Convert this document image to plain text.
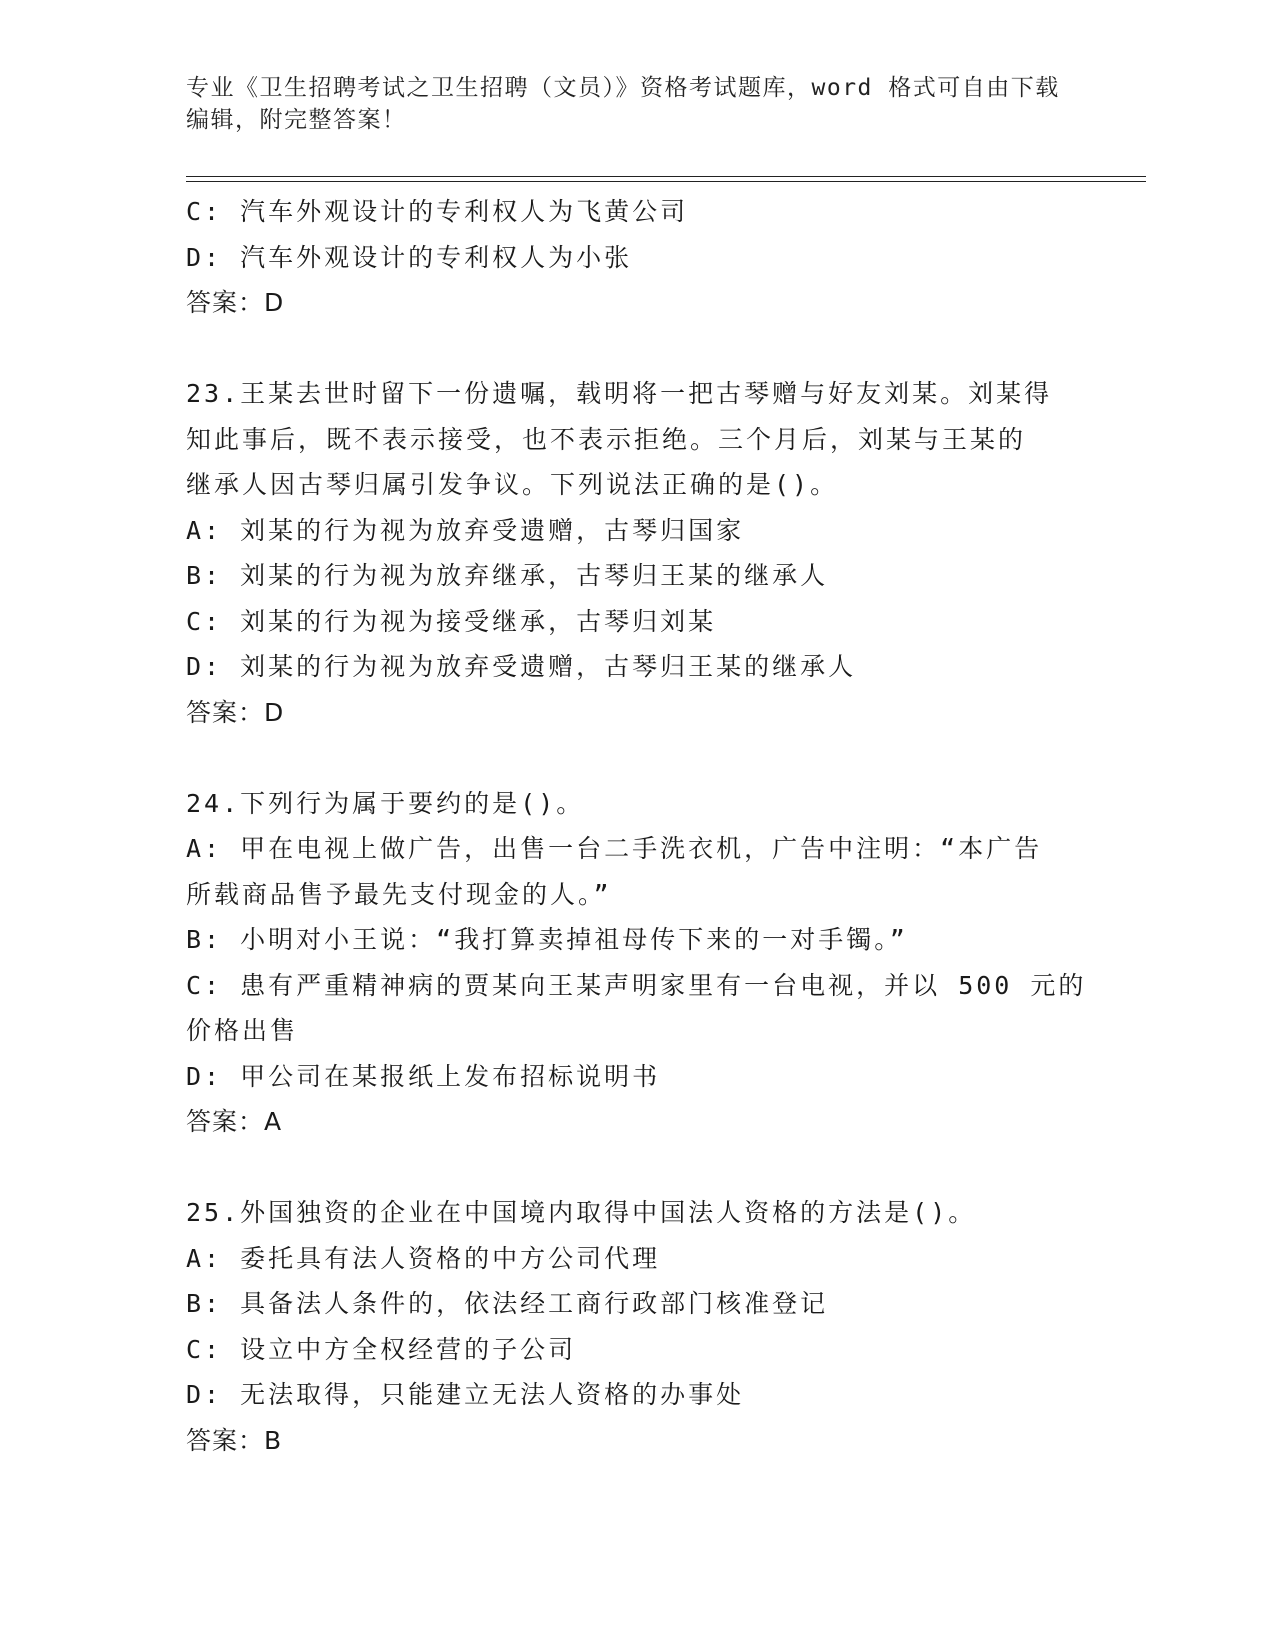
专业《卫生招聘考试之卫生招聘（文员）》资格考试题库，word 格式可自由下载
编辑，附完整答案！
C: 汽车外观设计的专利权人为飞黄公司
D: 汽车外观设计的专利权人为小张
答案：D
23.王某去世时留下一份遗嘱，载明将一把古琴赠与好友刘某。刘某得
知此事后，既不表示接受，也不表示拒绝。三个月后，刘某与王某的
继承人因古琴归属引发争议。下列说法正确的是()。
A: 刘某的行为视为放弃受遗赠，古琴归国家
B: 刘某的行为视为放弃继承，古琴归王某的继承人
C: 刘某的行为视为接受继承，古琴归刘某
D: 刘某的行为视为放弃受遗赠，古琴归王某的继承人
答案：D
24.下列行为属于要约的是()。
A: 甲在电视上做广告，出售一台二手洗衣机，广告中注明：“本广告
所载商品售予最先支付现金的人。”
B: 小明对小王说：“我打算卖掉祖母传下来的一对手镯。”
C: 患有严重精神病的贾某向王某声明家里有一台电视，并以 500 元的
价格出售
D: 甲公司在某报纸上发布招标说明书
答案：A
25.外国独资的企业在中国境内取得中国法人资格的方法是()。
A: 委托具有法人资格的中方公司代理
B: 具备法人条件的，依法经工商行政部门核准登记
C: 设立中方全权经营的子公司
D: 无法取得，只能建立无法人资格的办事处
答案：B
